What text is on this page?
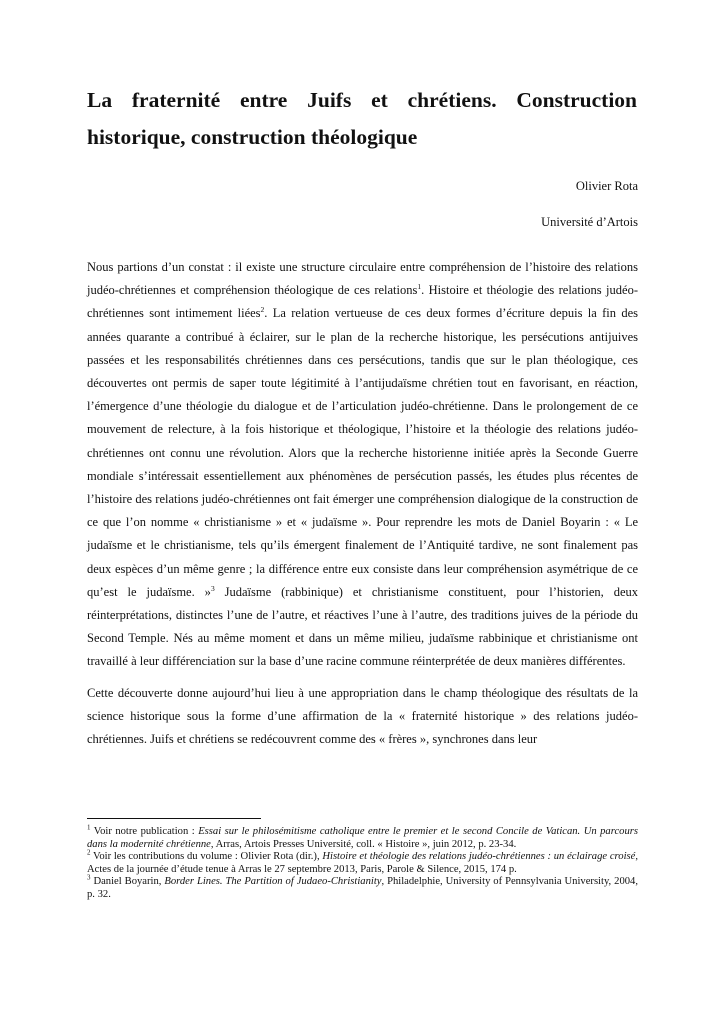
La fraternité entre Juifs et chrétiens. Construction historique, construction théologique
Olivier Rota
Université d’Artois

Nous partions d’un constat : il existe une structure circulaire entre compréhension de l’histoire des relations judéo-chrétiennes et compréhension théologique de ces relations$^1$. Histoire et théologie des relations judéo-chrétiennes sont intimement liées$^2$. La relation vertueuse de ces deux formes d’écriture depuis la fin des années quarante a contribué à éclairer, sur le plan de la recherche historique, les persécutions antijuives passées et les responsabilités chrétiennes dans ces persécutions, tandis que sur le plan théologique, ces découvertes ont permis de saper toute légitimité à l’antijudaïsme chrétien tout en favorisant, en réaction, l’émergence d’une théologie du dialogue et de l’articulation judéo-chrétienne. Dans le prolongement de ce mouvement de relecture, à la fois historique et théologique, l’histoire et la théologie des relations judéo-chrétiennes ont connu une révolution. Alors que la recherche historienne initiée après la Seconde Guerre mondiale s’intéressait essentiellement aux phénomènes de persécution passés, les études plus récentes de l’histoire des relations judéo-chrétiennes ont fait émerger une compréhension dialogique de la construction de ce que l’on nomme « christianisme » et « judaïsme ». Pour reprendre les mots de Daniel Boyarin : « Le judaïsme et le christianisme, tels qu’ils émergent finalement de l’Antiquité tardive, ne sont finalement pas deux espèces d’un même genre ; la différence entre eux consiste dans leur compréhension asymétrique de ce qu’est le judaïsme. »$^3$ Judaïsme (rabbinique) et christianisme constituent, pour l’historien, deux réinterprétations, distinctes l’une de l’autre, et réactives l’une à l’autre, des traditions juives de la période du Second Temple. Nés au même moment et dans un même milieu, judaïsme rabbinique et christianisme ont travaillé à leur différenciation sur la base d’une racine commune réinterprétée de deux manières différentes.

Cette découverte donne aujourd’hui lieu à une appropriation dans le champ théologique des résultats de la science historique sous la forme d’une affirmation de la « fraternité historique » des relations judéo-chrétiennes. Juifs et chrétiens se redécouvrent comme des « frères », synchrones dans leur

$^1$ Voir notre publication : Essai sur le philosémitisme catholique entre le premier et le second Concile de Vatican. Un parcours dans la modernité chrétienne, Arras, Artois Presses Université, coll. « Histoire », juin 2012, p. 23-34.
$^2$ Voir les contributions du volume : Olivier Rota (dir.), Histoire et théologie des relations judéo-chrétiennes : un éclairage croisé, Actes de la journée d’étude tenue à Arras le 27 septembre 2013, Paris, Parole & Silence, 2015, 174 p.
$^3$ Daniel Boyarin, Border Lines. The Partition of Judaeo-Christianity, Philadelphie, University of Pennsylvania University, 2004, p. 32.
